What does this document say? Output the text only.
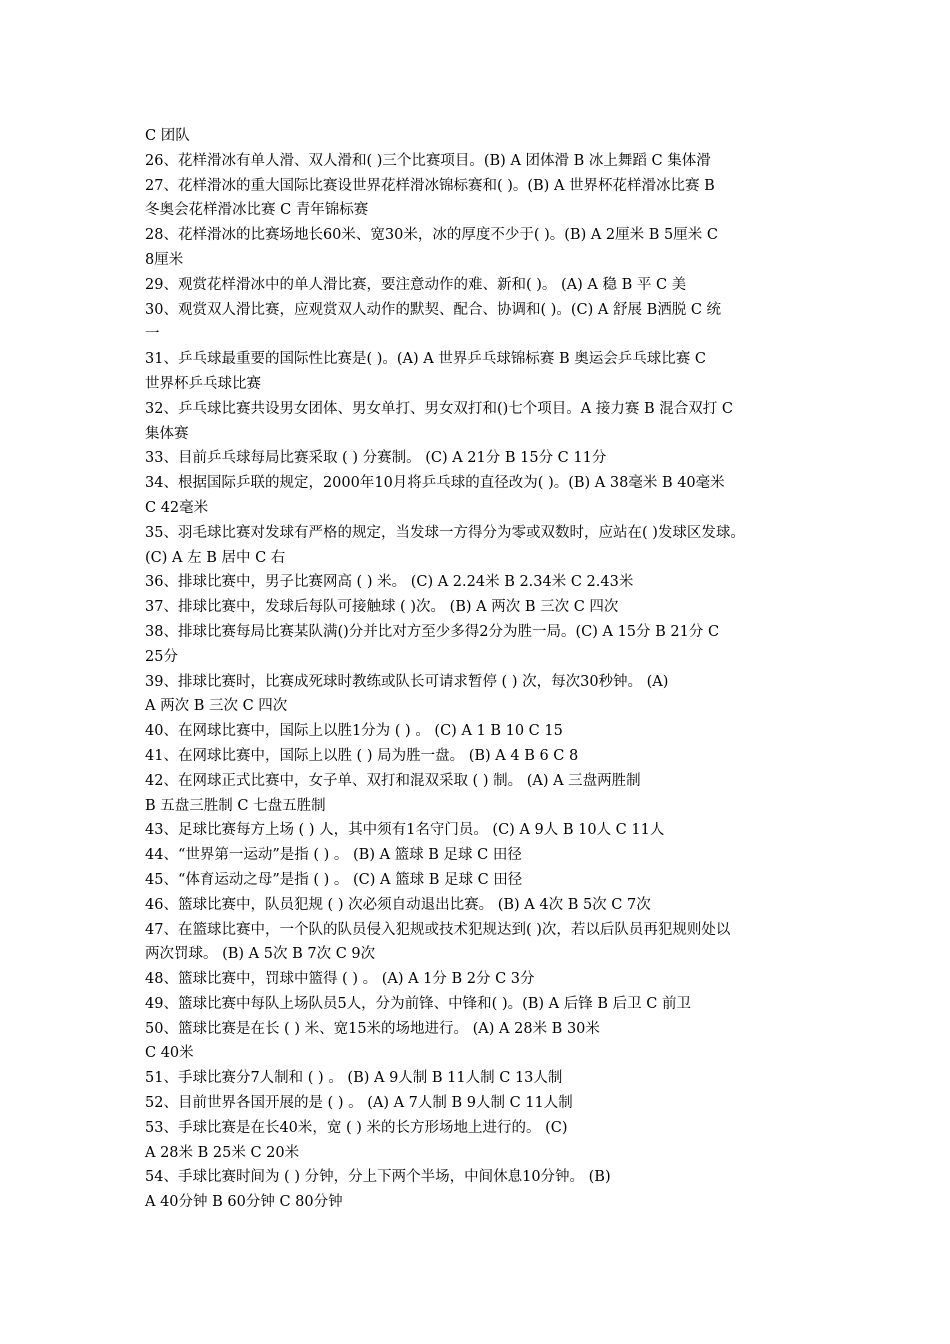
C 团队
26、花样滑冰有单人滑、双人滑和( )三个比赛项目。(B) A 团体滑 B 冰上舞蹈 C 集体滑
27、花样滑冰的重大国际比赛设世界花样滑冰锦标赛和( )。(B) A 世界杯花样滑冰比赛 B
冬奥会花样滑冰比赛 C 青年锦标赛
28、花样滑冰的比赛场地长60米、宽30米，冰的厚度不少于( )。(B) A 2厘米 B 5厘米 C
8厘米
29、观赏花样滑冰中的单人滑比赛，要注意动作的难、新和( )。 (A) A 稳 B 平 C 美
30、观赏双人滑比赛，应观赏双人动作的默契、配合、协调和( )。(C) A 舒展 B洒脱 C 统
一
31、乒乓球最重要的国际性比赛是( )。(A) A 世界乒乓球锦标赛 B 奥运会乒乓球比赛 C
世界杯乒乓球比赛
32、乒乓球比赛共设男女团体、男女单打、男女双打和()七个项目。A 接力赛 B 混合双打 C
集体赛
33、目前乒乓球每局比赛采取 ( ) 分赛制。 (C) A 21分 B 15分 C 11分
34、根据国际乒联的规定，2000年10月将乒乓球的直径改为( )。(B) A 38毫米 B 40毫米
C 42毫米
35、羽毛球比赛对发球有严格的规定，当发球一方得分为零或双数时，应站在( )发球区发球。
(C) A 左 B 居中 C 右
36、排球比赛中，男子比赛网高 ( ) 米。 (C) A 2.24米 B 2.34米 C 2.43米
37、排球比赛中，发球后每队可接触球 ( )次。 (B) A 两次 B 三次 C 四次
38、排球比赛每局比赛某队满()分并比对方至少多得2分为胜一局。(C) A 15分 B 21分 C
25分
39、排球比赛时，比赛成死球时教练或队长可请求暂停 ( ) 次，每次30秒钟。 (A)
A 两次 B 三次 C 四次
40、在网球比赛中，国际上以胜1分为 ( ) 。 (C) A 1 B 10 C 15
41、在网球比赛中，国际上以胜 ( ) 局为胜一盘。 (B) A 4 B 6 C 8
42、在网球正式比赛中，女子单、双打和混双采取 ( ) 制。 (A) A 三盘两胜制
B 五盘三胜制 C 七盘五胜制
43、足球比赛每方上场 ( ) 人，其中须有1名守门员。 (C) A 9人 B 10人 C 11人
44、“世界第一运动”是指 ( ) 。 (B) A 篮球 B 足球 C 田径
45、“体育运动之母”是指 ( ) 。 (C) A 篮球 B 足球 C 田径
46、篮球比赛中，队员犯规 ( ) 次必须自动退出比赛。 (B) A 4次 B 5次 C 7次
47、在篮球比赛中，一个队的队员侵入犯规或技术犯规达到( )次，若以后队员再犯规则处以
两次罚球。 (B) A 5次 B 7次 C 9次
48、篮球比赛中，罚球中篮得 ( ) 。 (A) A 1分 B 2分 C 3分
49、篮球比赛中每队上场队员5人，分为前锋、中锋和( )。(B) A 后锋 B 后卫 C 前卫
50、篮球比赛是在长 ( ) 米、宽15米的场地进行。 (A) A 28米 B 30米
C 40米
51、手球比赛分7人制和 ( ) 。 (B) A 9人制 B 11人制 C 13人制
52、目前世界各国开展的是 ( ) 。 (A) A 7人制 B 9人制 C 11人制
53、手球比赛是在长40米，宽 ( ) 米的长方形场地上进行的。 (C)
A 28米 B 25米 C 20米
54、手球比赛时间为 ( ) 分钟，分上下两个半场，中间休息10分钟。 (B)
A 40分钟 B 60分钟 C 80分钟
